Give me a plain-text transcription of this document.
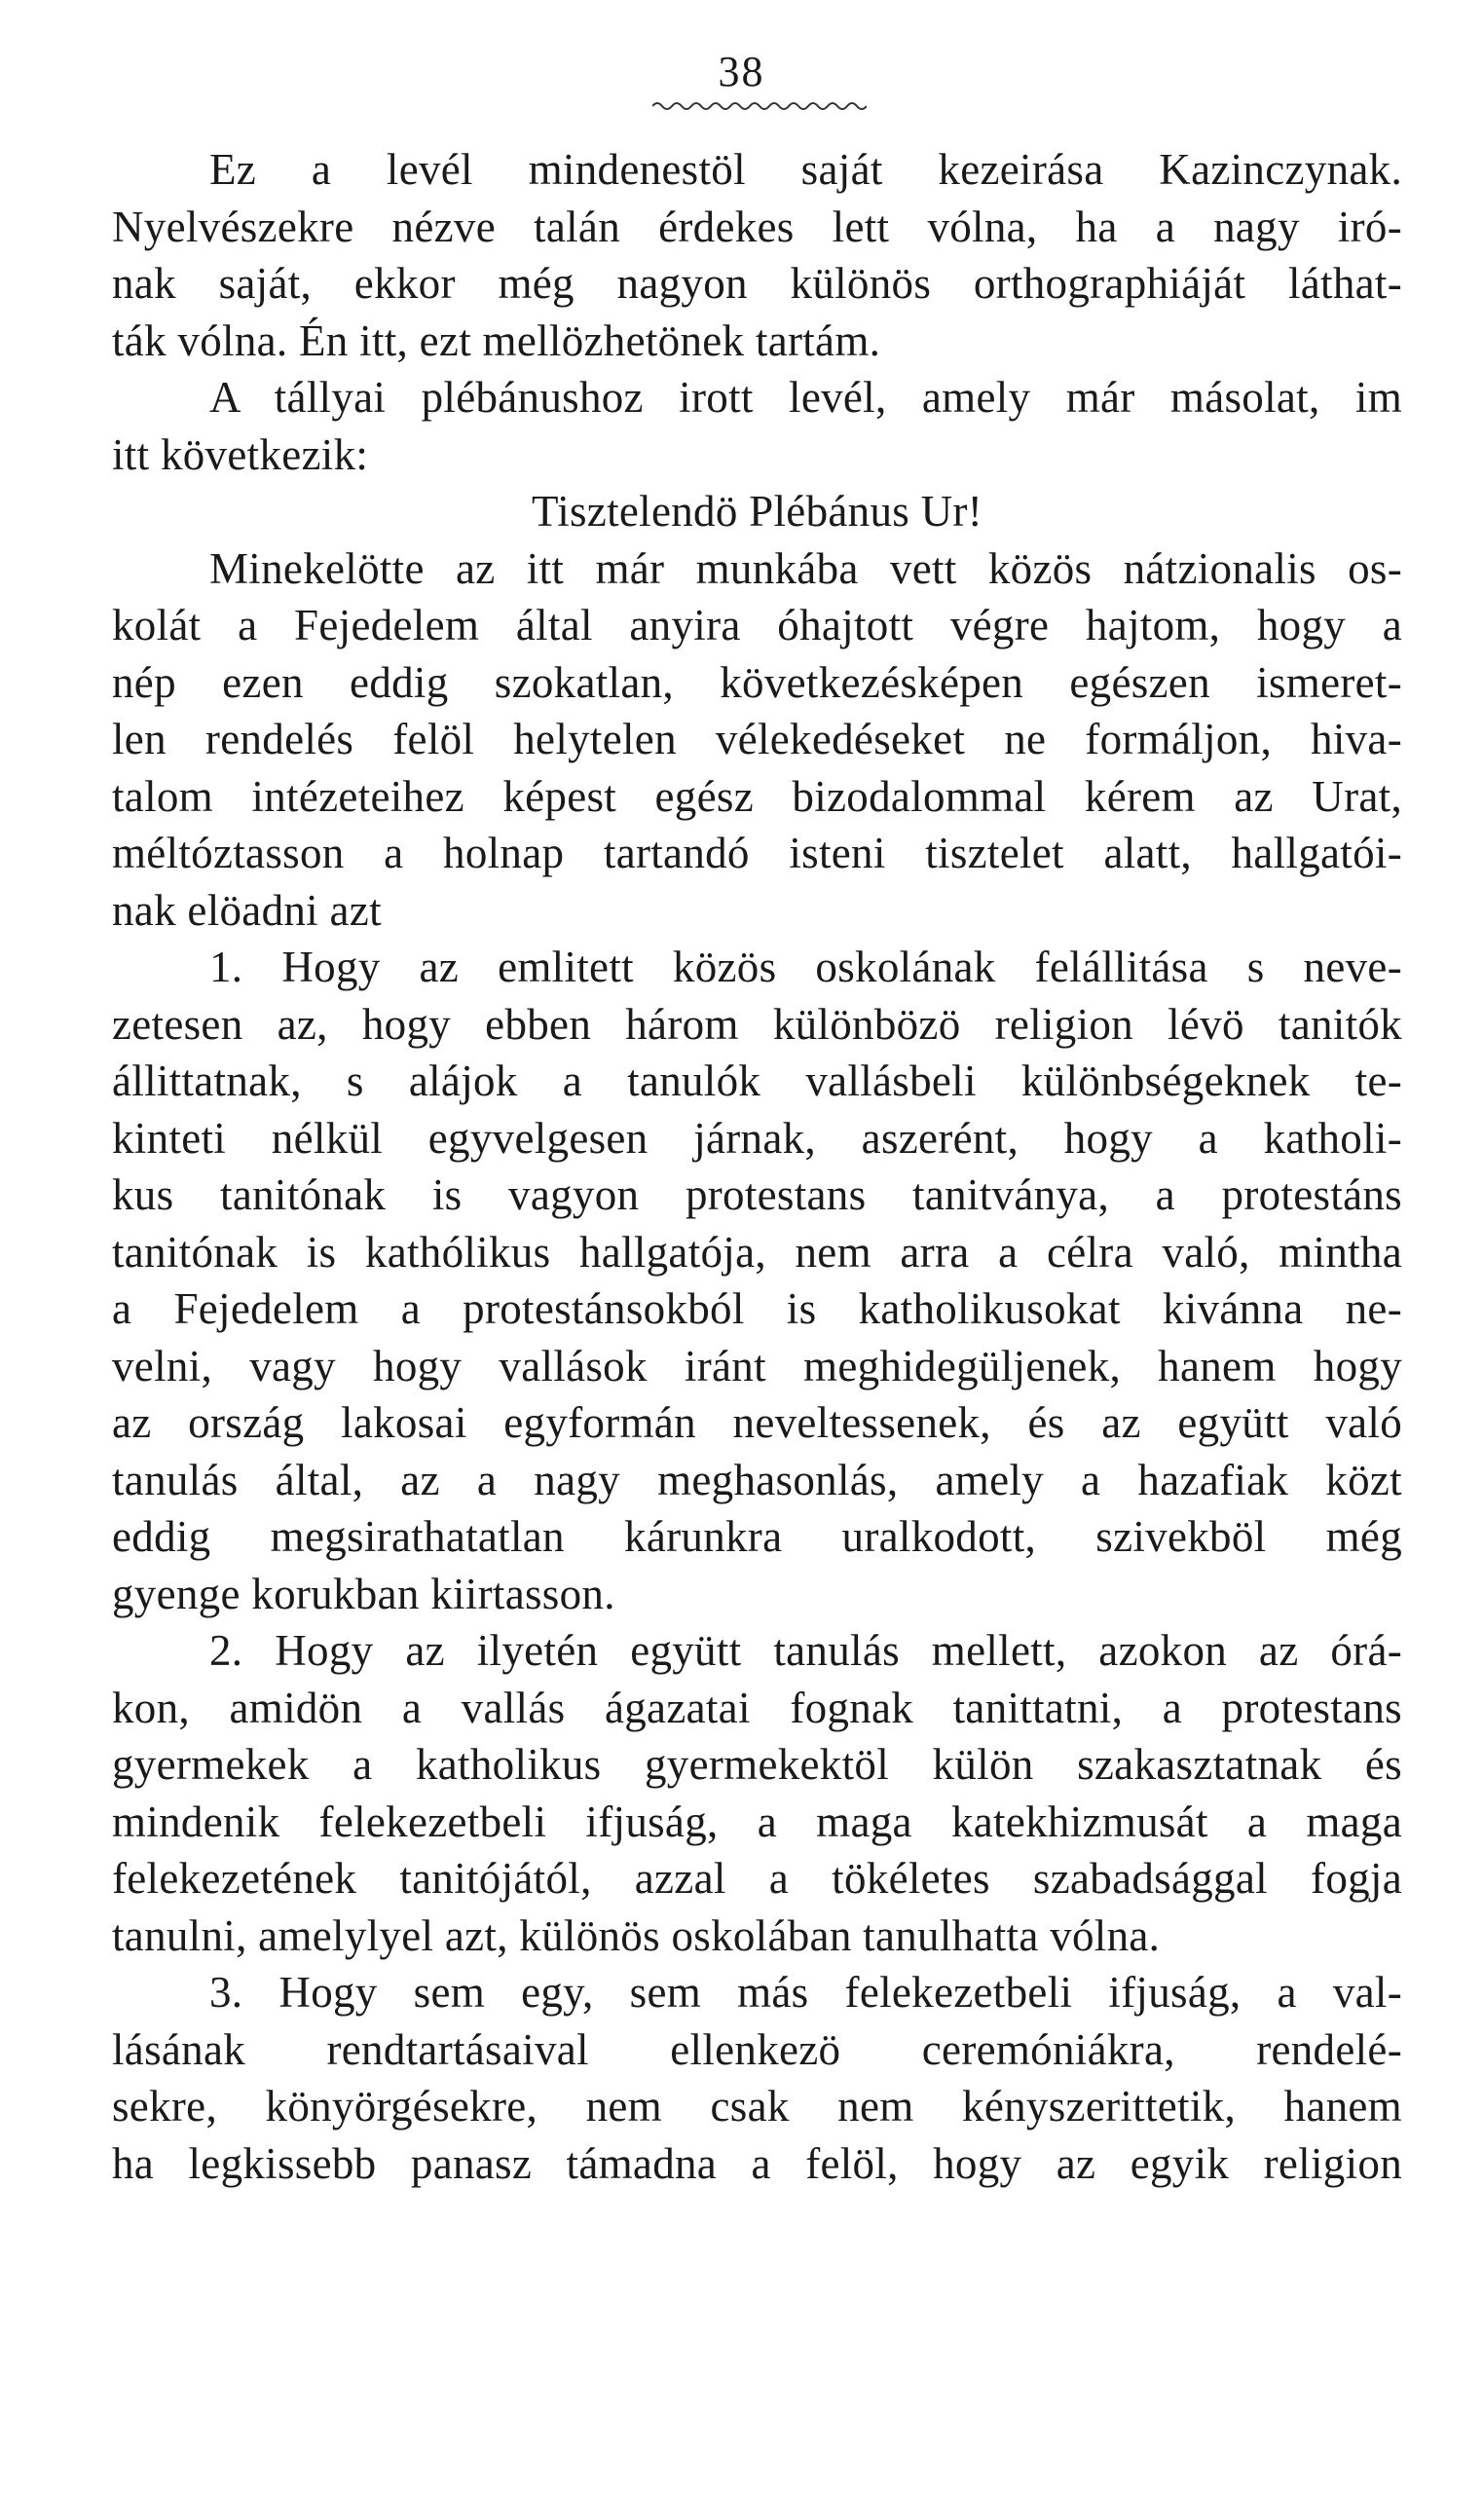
38
Ez a levél mindenestöl saját kezeirása Kazinczynak.
Nyelvészekre nézve talán érdekes lett vólna, ha a nagy iró-
nak saját, ekkor még nagyon különös orthographiáját láthat-
ták vólna. Én itt, ezt mellözhetönek tartám.
A tállyai plébánushoz irott levél, amely már másolat, im
itt következik:
Tisztelendö Plébánus Ur!
Minekelötte az itt már munkába vett közös nátzionalis os-
kolát a Fejedelem által anyira óhajtott végre hajtom, hogy a
nép ezen eddig szokatlan, következésképen egészen ismeret-
len rendelés felöl helytelen vélekedéseket ne formáljon, hiva-
talom intézeteihez képest egész bizodalommal kérem az Urat,
méltóztasson a holnap tartandó isteni tisztelet alatt, hallgatói-
nak elöadni azt
1. Hogy az emlitett közös oskolának felállitása s neve-
zetesen az, hogy ebben három különbözö religion lévö tanitók
állittatnak, s alájok a tanulók vallásbeli különbségeknek te-
kinteti nélkül egyvelgesen járnak, aszerént, hogy a katholi-
kus tanitónak is vagyon protestans tanitványa, a protestáns
tanitónak is kathólikus hallgatója, nem arra a célra való, mintha
a Fejedelem a protestánsokból is katholikusokat kivánna ne-
velni, vagy hogy vallások iránt meghidegüljenek, hanem hogy
az ország lakosai egyformán neveltessenek, és az együtt való
tanulás által, az a nagy meghasonlás, amely a hazafiak közt
eddig megsirathatatlan kárunkra uralkodott, szivekböl még
gyenge korukban kiirtasson.
2. Hogy az ilyetén együtt tanulás mellett, azokon az órá-
kon, amidön a vallás ágazatai fognak tanittatni, a protestans
gyermekek a katholikus gyermekektöl külön szakasztatnak és
mindenik felekezetbeli ifjuság, a maga katekhizmusát a maga
felekezetének tanitójától, azzal a tökéletes szabadsággal fogja
tanulni, amelylyel azt, különös oskolában tanulhatta vólna.
3. Hogy sem egy, sem más felekezetbeli ifjuság, a val-
lásának rendtartásaival ellenkezö ceremóniákra, rendelé-
sekre, könyörgésekre, nem csak nem kényszerittetik, hanem
ha legkissebb panasz támadna a felöl, hogy az egyik religion
